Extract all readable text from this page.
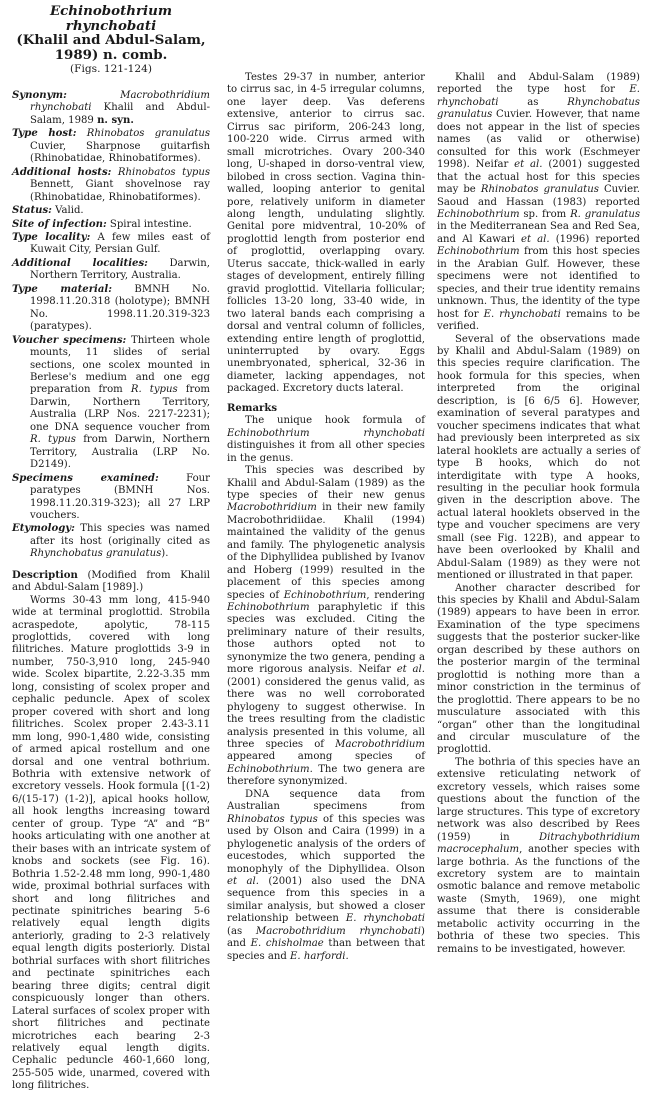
Echinobothrium rhynchobati
(Khalil and Abdul-Salam, 1989) n. comb.
(Figs. 121-124)

Synonym:	Macrobothridium rhynchobati Khalil and Abdul-Salam, 1989 n. syn.

Type host: Rhinobatos granulatus Cuvier, Sharpnose guitarfish (Rhinobatidae, Rhinobatiformes).

Additional hosts: Rhinobatos typus Bennett, Giant shovelnose ray (Rhinobatidae, Rhinobatiformes).

Status: Valid.

Site of infection: Spiral intestine.

Type locality: A few miles east of Kuwait City, Persian Gulf.

Additional localities: Darwin, Northern Territory, Australia.

Type material: BMNH No. 1998.11.20.318 (holotype); BMNH No. 1998.11.20.319-323 (paratypes).

Voucher specimens: Thirteen whole mounts, 11 slides of serial sections, one scolex mounted in Berlese's medium and one egg preparation from R. typus from Darwin, Northern Territory, Australia (LRP Nos. 2217-2231); one DNA sequence voucher from R. typus from Darwin, Northern Territory, Australia (LRP No. D2149).

Specimens examined: Four paratypes (BMNH Nos. 1998.11.20.319-323); all 27 LRP vouchers.

Etymology: This species was named after its host (originally cited as Rhynchobatus granulatus).

Description (Modified from Khalil and Abdul-Salam [1989].)

Worms 30-43 mm long, 415-940 wide at terminal proglottid. Strobila acraspedote, apolytic, 78-115 proglottids, covered with long filitriches. Mature proglottids 3-9 in number, 750-3,910 long, 245-940 wide. Scolex bipartite, 2.22-3.35 mm long, consisting of scolex proper and cephalic peduncle. Apex of scolex proper covered with short and long filitriches. Scolex proper 2.43-3.11 mm long, 990-1,480 wide, consisting of armed apical rostellum and one dorsal and one ventral bothrium. Bothria with extensive network of excretory vessels. Hook formula [(1-2) 6/(15-17) (1-2)], apical hooks hollow, all hook lengths increasing toward center of group. Type “A” and “B” hooks articulating with one another at their bases with an intricate system of knobs and sockets (see Fig. 16). Bothria 1.52-2.48 mm long, 990-1,480 wide, proximal bothrial surfaces with short and long filitriches and pectinate spinitriches bearing 5-6 relatively equal length digits anteriorly, grading to 2-3 relatively equal length digits posteriorly. Distal bothrial surfaces with short filitriches and pectinate spinitriches each bearing three digits; central digit conspicuously longer than others. Lateral surfaces of scolex proper with short filitriches and pectinate microtriches each bearing 2-3 relatively equal length digits. Cephalic peduncle 460-1,660 long, 255-505 wide, unarmed, covered with long filitriches.

Testes 29-37 in number, anterior to cirrus sac, in 4-5 irregular columns, one layer deep. Vas deferens extensive, anterior to cirrus sac. Cirrus sac piriform, 206-243 long, 100-220 wide. Cirrus armed with small microtriches. Ovary 200-340 long, U-shaped in dorso-ventral view, bilobed in cross section. Vagina thin-walled, looping anterior to genital pore, relatively uniform in diameter along length, undulating slightly. Genital pore midventral, 10-20% of proglottid length from posterior end of proglottid, overlapping ovary. Uterus saccate, thick-walled in early stages of development, entirely filling gravid proglottid. Vitellaria follicular; follicles 13-20 long, 33-40 wide, in two lateral bands each comprising a dorsal and ventral column of follicles, extending entire length of proglottid, uninterrupted by ovary. Eggs unembryonated, spherical, 32-36 in diameter, lacking appendages, not packaged. Excretory ducts lateral.

Remarks

The unique hook formula of Echinobothrium rhynchobati distinguishes it from all other species in the genus.

This species was described by Khalil and Abdul-Salam (1989) as the type species of their new genus Macrobothridium in their new family Macrobothridiidae. Khalil (1994) maintained the validity of the genus and family. The phylogenetic analysis of the Diphyllidea published by Ivanov and Hoberg (1999) resulted in the placement of this species among species of Echinobothrium, rendering Echinobothrium paraphyletic if this species was excluded. Citing the preliminary nature of their results, those authors opted not to synonymize the two genera, pending a more rigorous analysis. Neifar et al. (2001) considered the genus valid, as there was no well corroborated phylogeny to suggest otherwise. In the trees resulting from the cladistic analysis presented in this volume, all three species of Macrobothridium appeared among species of Echinobothrium. The two genera are therefore synonymized.

DNA sequence data from Australian specimens from Rhinobatos typus of this species was used by Olson and Caira (1999) in a phylogenetic analysis of the orders of eucestodes, which supported the monophyly of the Diphyllidea. Olson et al. (2001) also used the DNA sequence from this species in a similar analysis, but showed a closer relationship between E. rhynchobati (as Macrobothridium rhynchobati) and E. chisholmae than between that species and E. harfordi.

Khalil and Abdul-Salam (1989) reported the type host for E. rhynchobati as Rhynchobatus granulatus Cuvier. However, that name does not appear in the list of species names (as valid or otherwise) consulted for this work (Eschmeyer 1998). Neifar et al. (2001) suggested that the actual host for this species may be Rhinobatos granulatus Cuvier. Saoud and Hassan (1983) reported Echinobothrium sp. from R. granulatus in the Mediterranean Sea and Red Sea, and Al Kawari et al. (1996) reported Echinobothrium from this host species in the Arabian Gulf. However, these specimens were not identified to species, and their true identity remains unknown. Thus, the identity of the type host for E. rhynchobati remains to be verified.

Several of the observations made by Khalil and Abdul-Salam (1989) on this species require clarification. The hook formula for this species, when interpreted from the original description, is [6 6/5 6]. However, examination of several paratypes and voucher specimens indicates that what had previously been interpreted as six lateral hooklets are actually a series of type B hooks, which do not interdigitate with type A hooks, resulting in the peculiar hook formula given in the description above. The actual lateral hooklets observed in the type and voucher specimens are very small (see Fig. 122B), and appear to have been overlooked by Khalil and Abdul-Salam (1989) as they were not mentioned or illustrated in that paper.

Another character described for this species by Khalil and Abdul-Salam (1989) appears to have been in error. Examination of the type specimens suggests that the posterior sucker-like organ described by these authors on the posterior margin of the terminal proglottid is nothing more than a minor constriction in the terminus of the proglottid. There appears to be no musculature associated with this “organ” other than the longitudinal and circular musculature of the proglottid.

The bothria of this species have an extensive reticulating network of excretory vessels, which raises some questions about the function of the large structures. This type of excretory network was also described by Rees (1959) in Ditrachybothridium macrocephalum, another species with large bothria. As the functions of the excretory system are to maintain osmotic balance and remove metabolic waste (Smyth, 1969), one might assume that there is considerable metabolic activity occurring in the bothria of these two species. This remains to be investigated, however.
